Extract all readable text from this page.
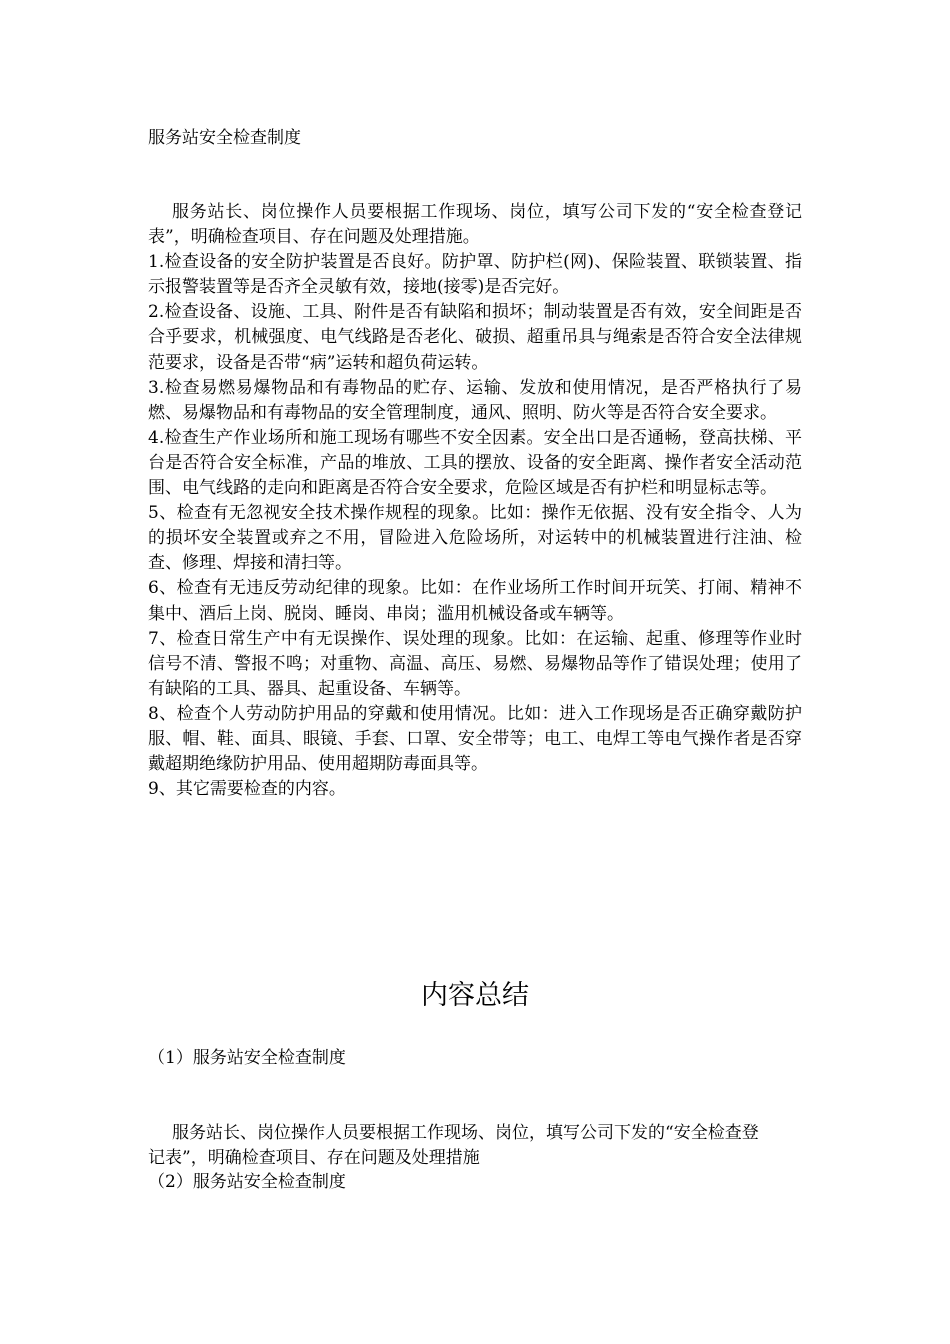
服务站安全检查制度

服务站长、岗位操作人员要根据工作现场、岗位，填写公司下发的“安全检查登记表”，明确检查项目、存在问题及处理措施。

1.检查设备的安全防护装置是否良好。防护罩、防护栏(网)、保险装置、联锁装置、指示报警装置等是否齐全灵敏有效，接地(接零)是否完好。

2.检查设备、设施、工具、附件是否有缺陷和损坏；制动装置是否有效，安全间距是否合乎要求，机械强度、电气线路是否老化、破损、超重吊具与绳索是否符合安全法律规范要求，设备是否带“病”运转和超负荷运转。

3.检查易燃易爆物品和有毒物品的贮存、运输、发放和使用情况，是否严格执行了易燃、易爆物品和有毒物品的安全管理制度，通风、照明、防火等是否符合安全要求。

4.检查生产作业场所和施工现场有哪些不安全因素。安全出口是否通畅，登高扶梯、平台是否符合安全标准，产品的堆放、工具的摆放、设备的安全距离、操作者安全活动范围、电气线路的走向和距离是否符合安全要求，危险区域是否有护栏和明显标志等。

5、检查有无忽视安全技术操作规程的现象。比如：操作无依据、没有安全指令、人为的损坏安全装置或弃之不用，冒险进入危险场所，对运转中的机械装置进行注油、检查、修理、焊接和清扫等。

6、检查有无违反劳动纪律的现象。比如：在作业场所工作时间开玩笑、打闹、精神不集中、酒后上岗、脱岗、睡岗、串岗；滥用机械设备或车辆等。

7、检查日常生产中有无误操作、误处理的现象。比如：在运输、起重、修理等作业时信号不清、警报不鸣；对重物、高温、高压、易燃、易爆物品等作了错误处理；使用了有缺陷的工具、器具、起重设备、车辆等。

8、检查个人劳动防护用品的穿戴和使用情况。比如：进入工作现场是否正确穿戴防护服、帽、鞋、面具、眼镜、手套、口罩、安全带等；电工、电焊工等电气操作者是否穿戴超期绝缘防护用品、使用超期防毒面具等。

9、其它需要检查的内容。

内容总结

（1）服务站安全检查制度

服务站长、岗位操作人员要根据工作现场、岗位，填写公司下发的“安全检查登记表”，明确检查项目、存在问题及处理措施

（2）服务站安全检查制度
